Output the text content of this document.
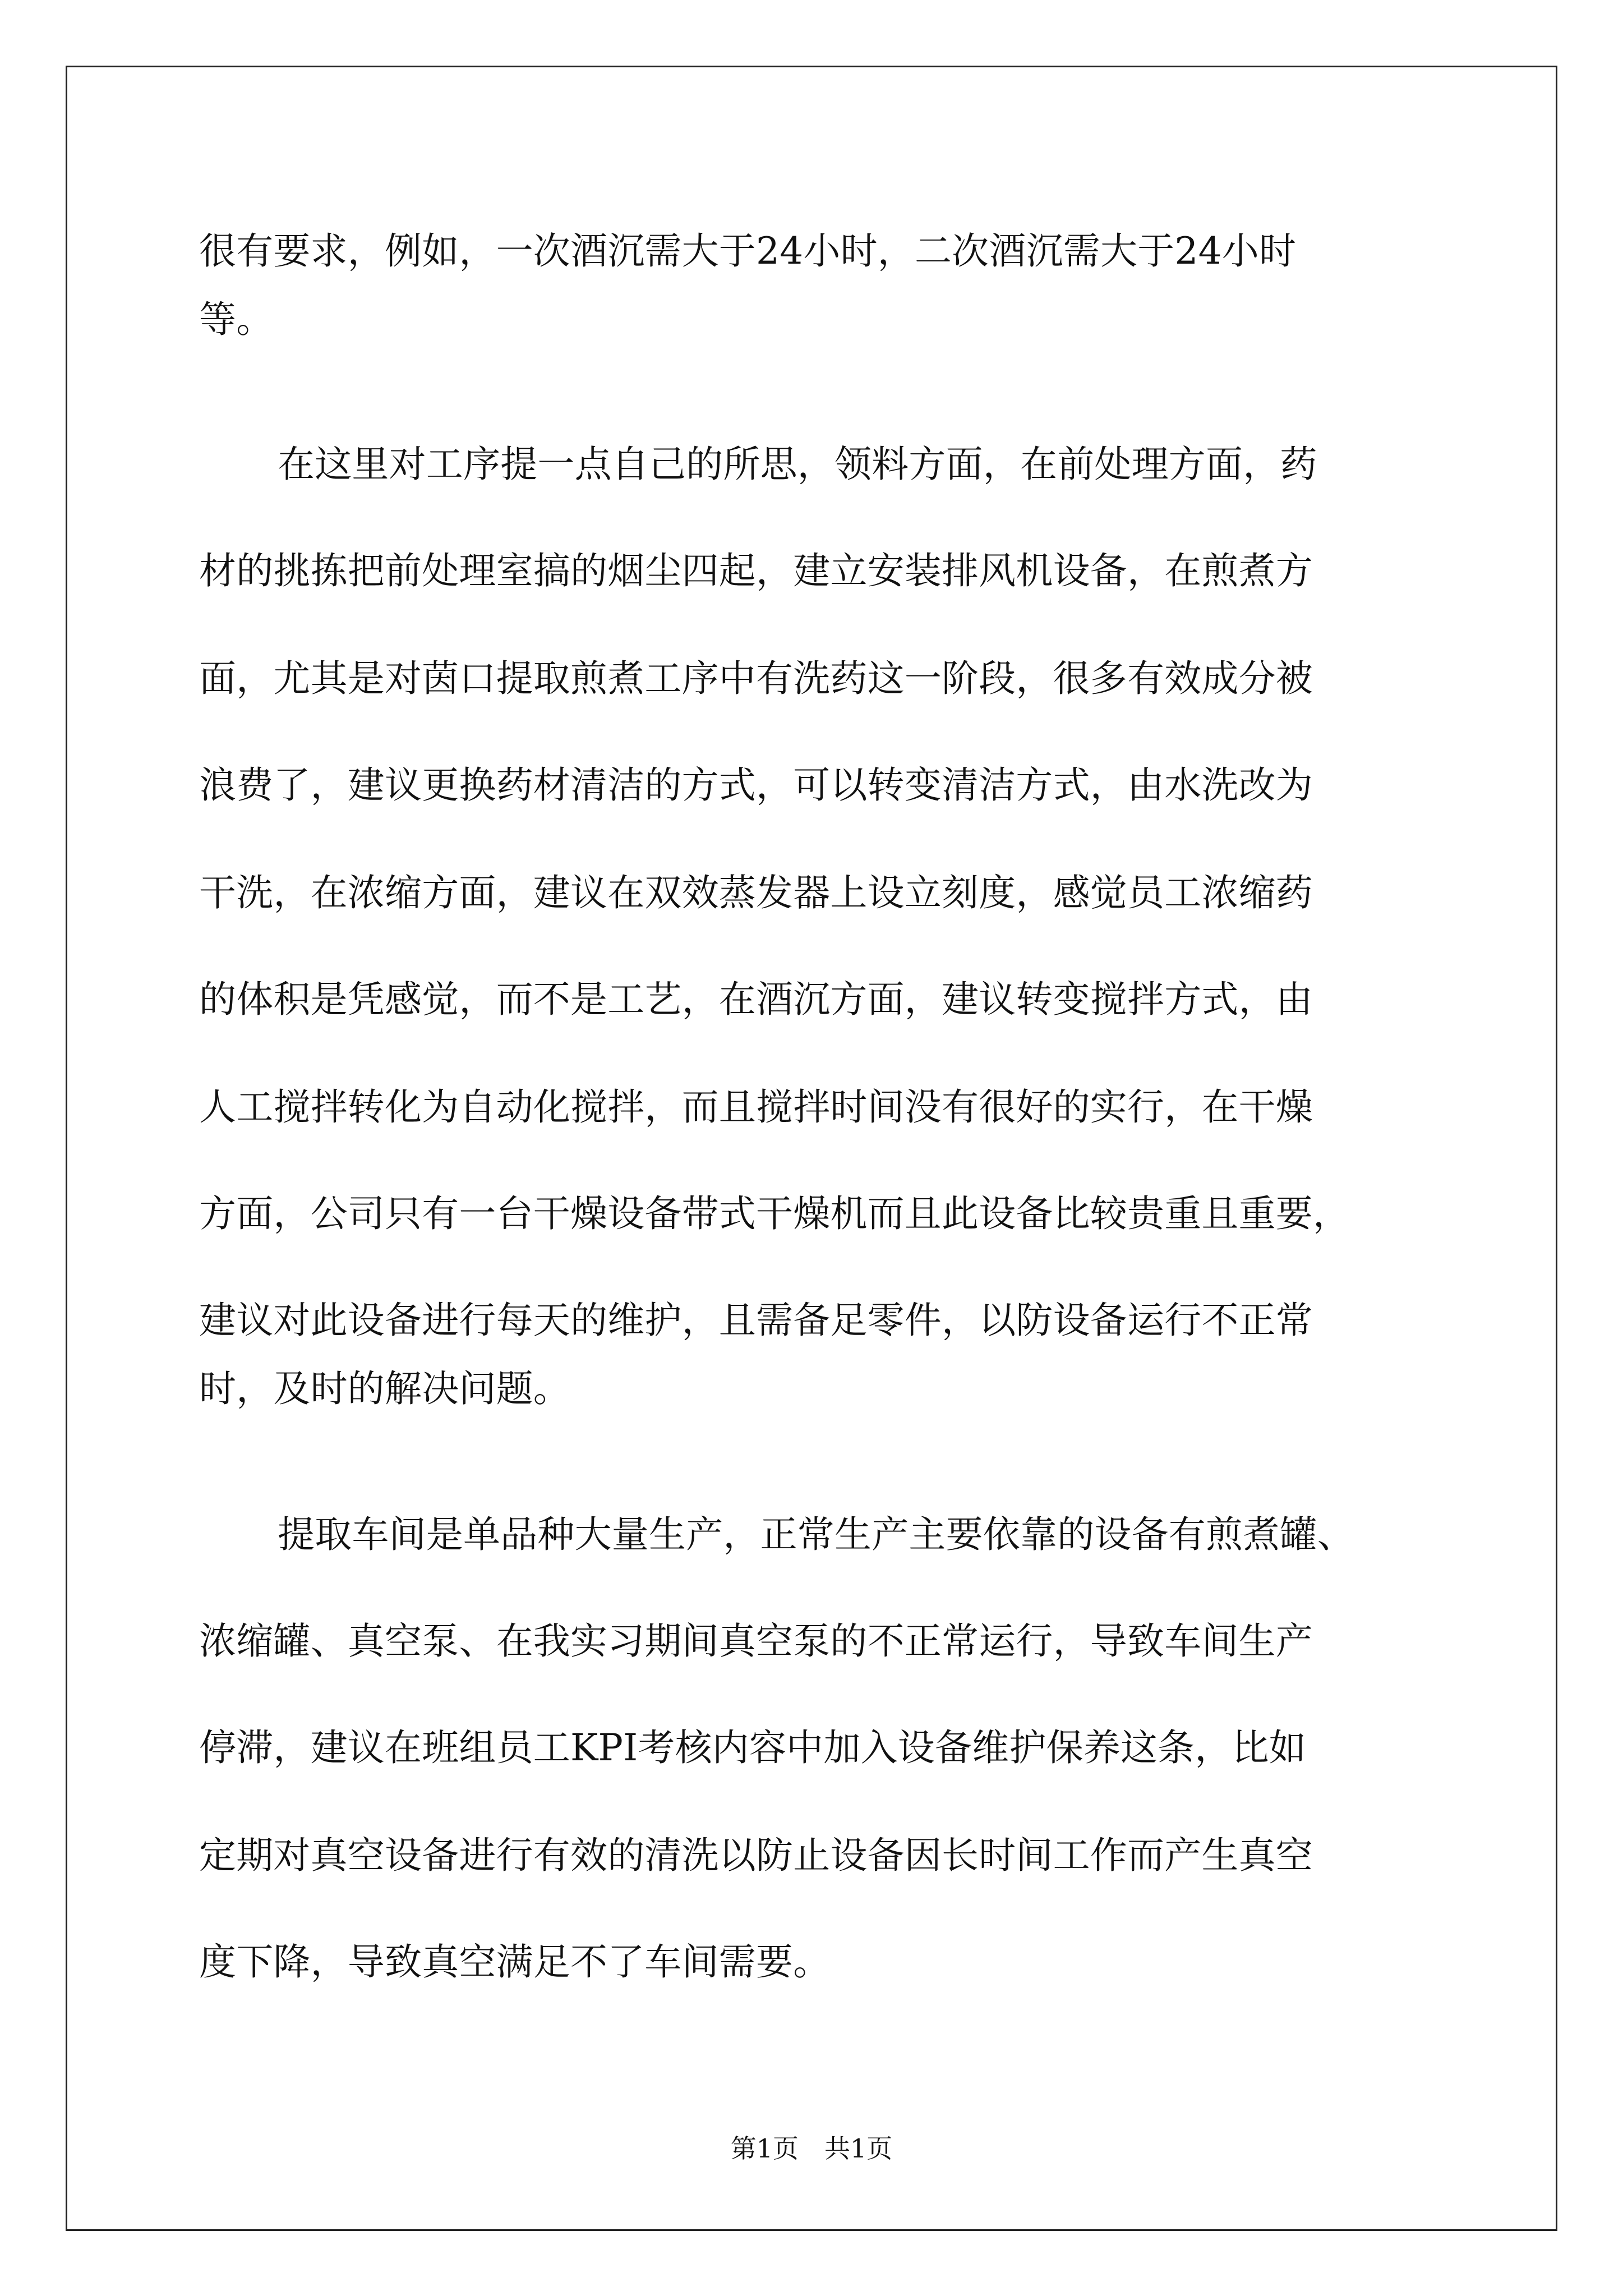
很有要求，例如，一次酒沉需大于24小时，二次酒沉需大于24小时
等。
在这里对工序提一点自己的所思，领料方面，在前处理方面，药
材的挑拣把前处理室搞的烟尘四起，建立安装排风机设备，在煎煮方
面，尤其是对茵口提取煎煮工序中有洗药这一阶段，很多有效成分被
浪费了，建议更换药材清洁的方式，可以转变清洁方式，由水洗改为
干洗，在浓缩方面，建议在双效蒸发器上设立刻度，感觉员工浓缩药
的体积是凭感觉，而不是工艺，在酒沉方面，建议转变搅拌方式，由
人工搅拌转化为自动化搅拌，而且搅拌时间没有很好的实行，在干燥
方面，公司只有一台干燥设备带式干燥机而且此设备比较贵重且重要，
建议对此设备进行每天的维护，且需备足零件，以防设备运行不正常
时，及时的解决问题。
提取车间是单品种大量生产，正常生产主要依靠的设备有煎煮罐、
浓缩罐、真空泵、在我实习期间真空泵的不正常运行，导致车间生产
停滞，建议在班组员工KPI考核内容中加入设备维护保养这条，比如
定期对真空设备进行有效的清洗以防止设备因长时间工作而产生真空
度下降，导致真空满足不了车间需要。
第1页　共1页
